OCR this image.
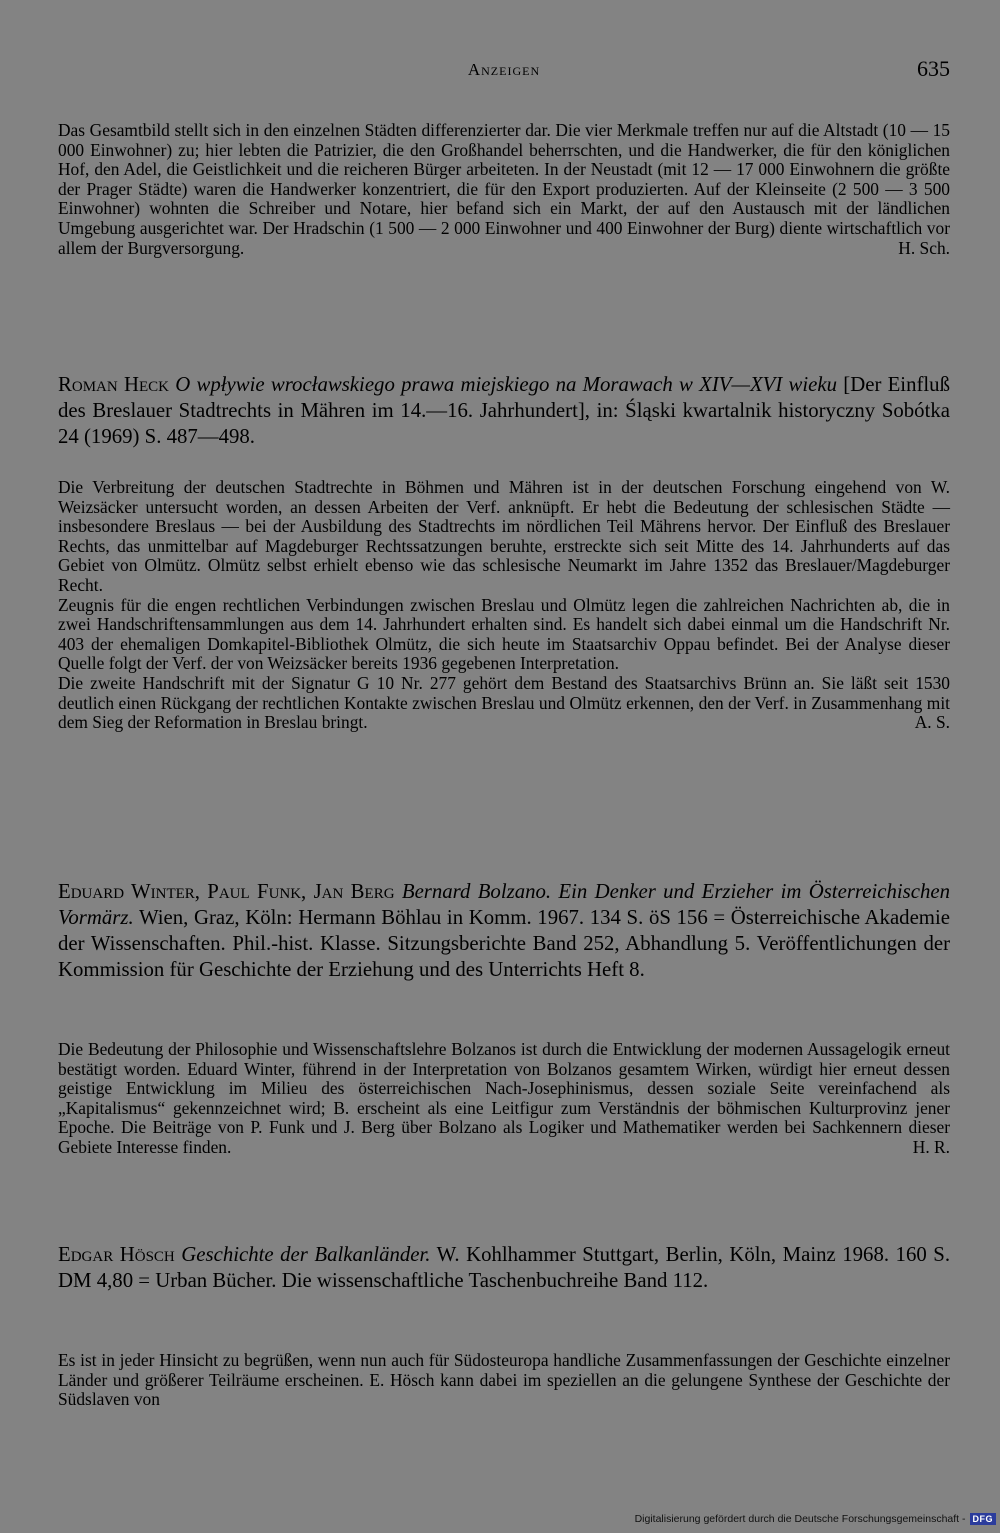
Anzeigen	635

Das Gesamtbild stellt sich in den einzelnen Städten differenzierter dar. Die vier Merkmale treffen nur auf die Altstadt (10 — 15 000 Einwohner) zu; hier lebten die Patrizier, die den Großhandel beherrschten, und die Handwerker, die für den königlichen Hof, den Adel, die Geistlichkeit und die reicheren Bürger arbeiteten. In der Neustadt (mit 12 — 17 000 Einwohnern die größte der Prager Städte) waren die Handwerker konzentriert, die für den Export produzierten. Auf der Kleinseite (2 500 — 3 500 Einwohner) wohnten die Schreiber und Notare, hier befand sich ein Markt, der auf den Austausch mit der ländlichen Umgebung ausgerichtet war. Der Hradschin (1 500 — 2 000 Einwohner und 400 Einwohner der Burg) diente wirtschaftlich vor allem der Burgversorgung.	H. Sch.

Roman Heck O wpływie wrocławskiego prawa miejskiego na Morawach w XIV—XVI wieku [Der Einfluß des Breslauer Stadtrechts in Mähren im 14.—16. Jahrhundert], in: Śląski kwartalnik historyczny Sobótka 24 (1969) S. 487—498.

Die Verbreitung der deutschen Stadtrechte in Böhmen und Mähren ist in der deutschen Forschung eingehend von W. Weizsäcker untersucht worden, an dessen Arbeiten der Verf. anknüpft. Er hebt die Bedeutung der schlesischen Städte — insbesondere Breslaus — bei der Ausbildung des Stadtrechts im nördlichen Teil Mährens hervor. Der Einfluß des Breslauer Rechts, das unmittelbar auf Magdeburger Rechtssatzungen beruhte, erstreckte sich seit Mitte des 14. Jahrhunderts auf das Gebiet von Olmütz. Olmütz selbst erhielt ebenso wie das schlesische Neumarkt im Jahre 1352 das Breslauer/Magdeburger Recht.

Zeugnis für die engen rechtlichen Verbindungen zwischen Breslau und Olmütz legen die zahlreichen Nachrichten ab, die in zwei Handschriftensammlungen aus dem 14. Jahrhundert erhalten sind. Es handelt sich dabei einmal um die Handschrift Nr. 403 der ehemaligen Domkapitel-Bibliothek Olmütz, die sich heute im Staatsarchiv Oppau befindet. Bei der Analyse dieser Quelle folgt der Verf. der von Weizsäcker bereits 1936 gegebenen Interpretation.

Die zweite Handschrift mit der Signatur G 10 Nr. 277 gehört dem Bestand des Staatsarchivs Brünn an. Sie läßt seit 1530 deutlich einen Rückgang der rechtlichen Kontakte zwischen Breslau und Olmütz erkennen, den der Verf. in Zusammenhang mit dem Sieg der Reformation in Breslau bringt.	A. S.

Eduard Winter, Paul Funk, Jan Berg Bernard Bolzano. Ein Denker und Erzieher im Österreichischen Vormärz. Wien, Graz, Köln: Hermann Böhlau in Komm. 1967. 134 S. öS 156 = Österreichische Akademie der Wissenschaften. Phil.-hist. Klasse. Sitzungsberichte Band 252, Abhandlung 5. Veröffentlichungen der Kommission für Geschichte der Erziehung und des Unterrichts Heft 8.

Die Bedeutung der Philosophie und Wissenschaftslehre Bolzanos ist durch die Entwicklung der modernen Aussagelogik erneut bestätigt worden. Eduard Winter, führend in der Interpretation von Bolzanos gesamtem Wirken, würdigt hier erneut dessen geistige Entwicklung im Milieu des österreichischen Nach-Josephinismus, dessen soziale Seite vereinfachend als „Kapitalismus“ gekennzeichnet wird; B. erscheint als eine Leitfigur zum Verständnis der böhmischen Kulturprovinz jener Epoche. Die Beiträge von P. Funk und J. Berg über Bolzano als Logiker und Mathematiker werden bei Sachkennern dieser Gebiete Interesse finden.	H. R.

Edgar Hösch Geschichte der Balkanländer. W. Kohlhammer Stuttgart, Berlin, Köln, Mainz 1968. 160 S. DM 4,80 = Urban Bücher. Die wissenschaftliche Taschenbuchreihe Band 112.

Es ist in jeder Hinsicht zu begrüßen, wenn nun auch für Südosteuropa handliche Zusammenfassungen der Geschichte einzelner Länder und größerer Teilräume erscheinen. E. Hösch kann dabei im speziellen an die gelungene Synthese der Geschichte der Südslaven von

Digitalisierung gefördert durch die Deutsche Forschungsgemeinschaft - DFG
